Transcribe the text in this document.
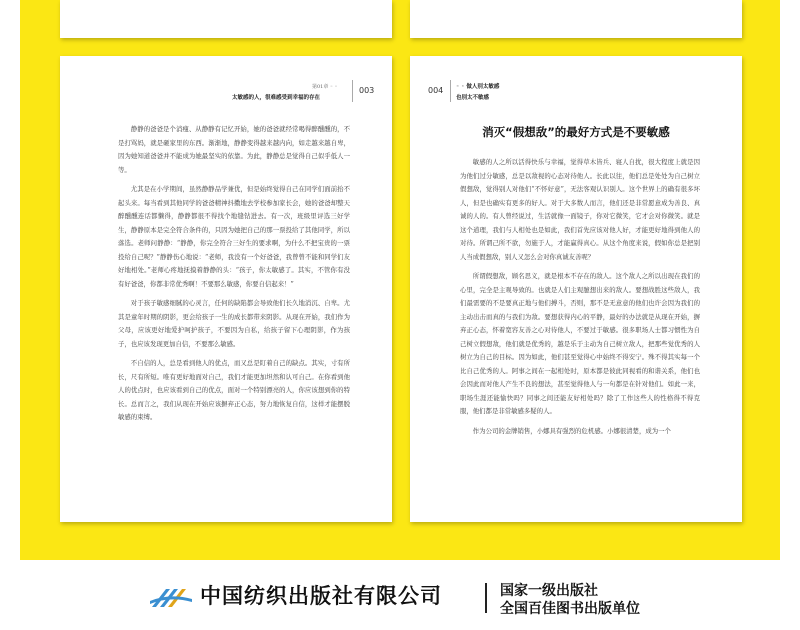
第01章 ◦ ◦
太敏感的人，很难感受到幸福的存在
003

静静的爸爸是个消瘦、从静静有记忆开始，她的爸爸就经常喝得醉醺醺的，不是打骂妈，就是砸家里的东西。渐渐地，静静变得越来越内向，如走越来越自卑，因为她知道爸爸并不能成为她最坚实的依靠。为此，静静总是觉得自己似乎低人一等。

尤其是在小学期间，虽然静静品学兼优，但是始终觉得自己在同学们面前抬不起头来。每当看到其他同学的爸爸精神抖擞地去学校参加家长会，她的爸爸却整天醉醺醺连话都懒得，静静都很不得找个地缝钻进去。有一次，班级里评选三好学生，静静原本是完全符合条件的，只因为她把自己的那一票投给了其他同学，所以落选。老师问静静：“静静，你完全符合三好生的要求啊，为什么不把宝贵的一票投给自己呢？”静静伤心地说：“老师，我没有一个好爸爸，我曾曾不能和同学们友好地相处。”老师心疼地抚摸着静静的头：“孩子，你太敏感了。其实，不管你有没有好爸爸，你都非常优秀啊！不要那么敏感，你要自信起来！”

对于孩子敏感细腻的心灵言，任何的缺陷都会导致他们长久地消沉、自卑。尤其是童年时期的阴影，更会给孩子一生的成长都带来阴影。从现在开始，我们作为父母，应该更好地爱护呵护孩子，不要因为自私，给孩子留下心理阴影，作为孩子，也应该发现更加自信，不要那么敏感。

不自信的人，总是看到他人的优点，而又总是盯着自己的缺点。其实，寸有所长，尺有所短。唯有更好地面对自己，我们才能更加坦然和认可自己。在你看到他人的优点时，也应该看到自己的优点，面对一个特别漂亮的人，你应该想到你的特长。总而言之，我们从现在开始应该摒弃正心态，努力地恢复自信，这样才能摆脱敏感的束缚。

004 ◦ ◦ 做人别太敏感
也别太不敏感
消灭“假想敌”的最好方式是不要敏感

敏感的人之所以活得快乐与幸福，觉得草木皆兵、寝人自扰，很大程度上就是因为他们过分敏感，总是以敌视的心态对待他人。长此以往，他们总是处处为自己树立假想敌，觉得别人对他们“不怀好意”，无法客观认识别人。这个世界上的确有很多坏人，但是也确实有更多的好人。对于大多数人而言，他们还是非常愿意成为善良、真诚的人的。有人曾经说过，生活就像一面镜子，你对它微笑，它才会对你微笑。就是这个道理，我们与人相处也是如此，我们首先应该对他人好，才能更好地得到他人的对待。所谓己所不欲，勿施于人，才能赢得真心。从这个角度来说，假如你总是把别人当成假想敌，别人又怎么会对你真诚友善呢？

所谓假想敌，顾名思义，就是根本不存在的敌人。这个敌人之所以出现在我们的心里，完全是主观导致的。也就是人们主观臆想出来的敌人。要想战胜这些敌人，我们最需要的不是要真正地与他们搏斗，否则，那不是无意意的他们也许会因为我们的主动出击而真的与我们为敌。要想获得内心的平静，最好的办法就是从现在开始，摒弃正心态，怀着宽容友善之心对待他人，不要过于敏感。很多职场人士都习惯性为自己树立假想敌，他们就是优秀的，越是乐于主动为自己树立敌人，把那些觉优秀的人树立为自己的目标。因为如此，他们甚至觉得心中始终不得安宁。殊不得其实每一个比自己优秀的人。阿事之间在一起相处时，原本都是彼此同视看的和谐关系，他们也会因此而对他人产生不良的想法，甚至觉得他人与一句都是在针对他们。如此一来，职场生涯还能愉快吗？同事之间还能友好相处吗？除了工作这些人的性格得不得克服，他们都是非常敏感多疑的人。

作为公司的金牌销售，小娜具有强烈的危机感。小娜很清楚，成为一个

中国纺织出版社有限公司	国家一级出版社
全国百佳图书出版单位
